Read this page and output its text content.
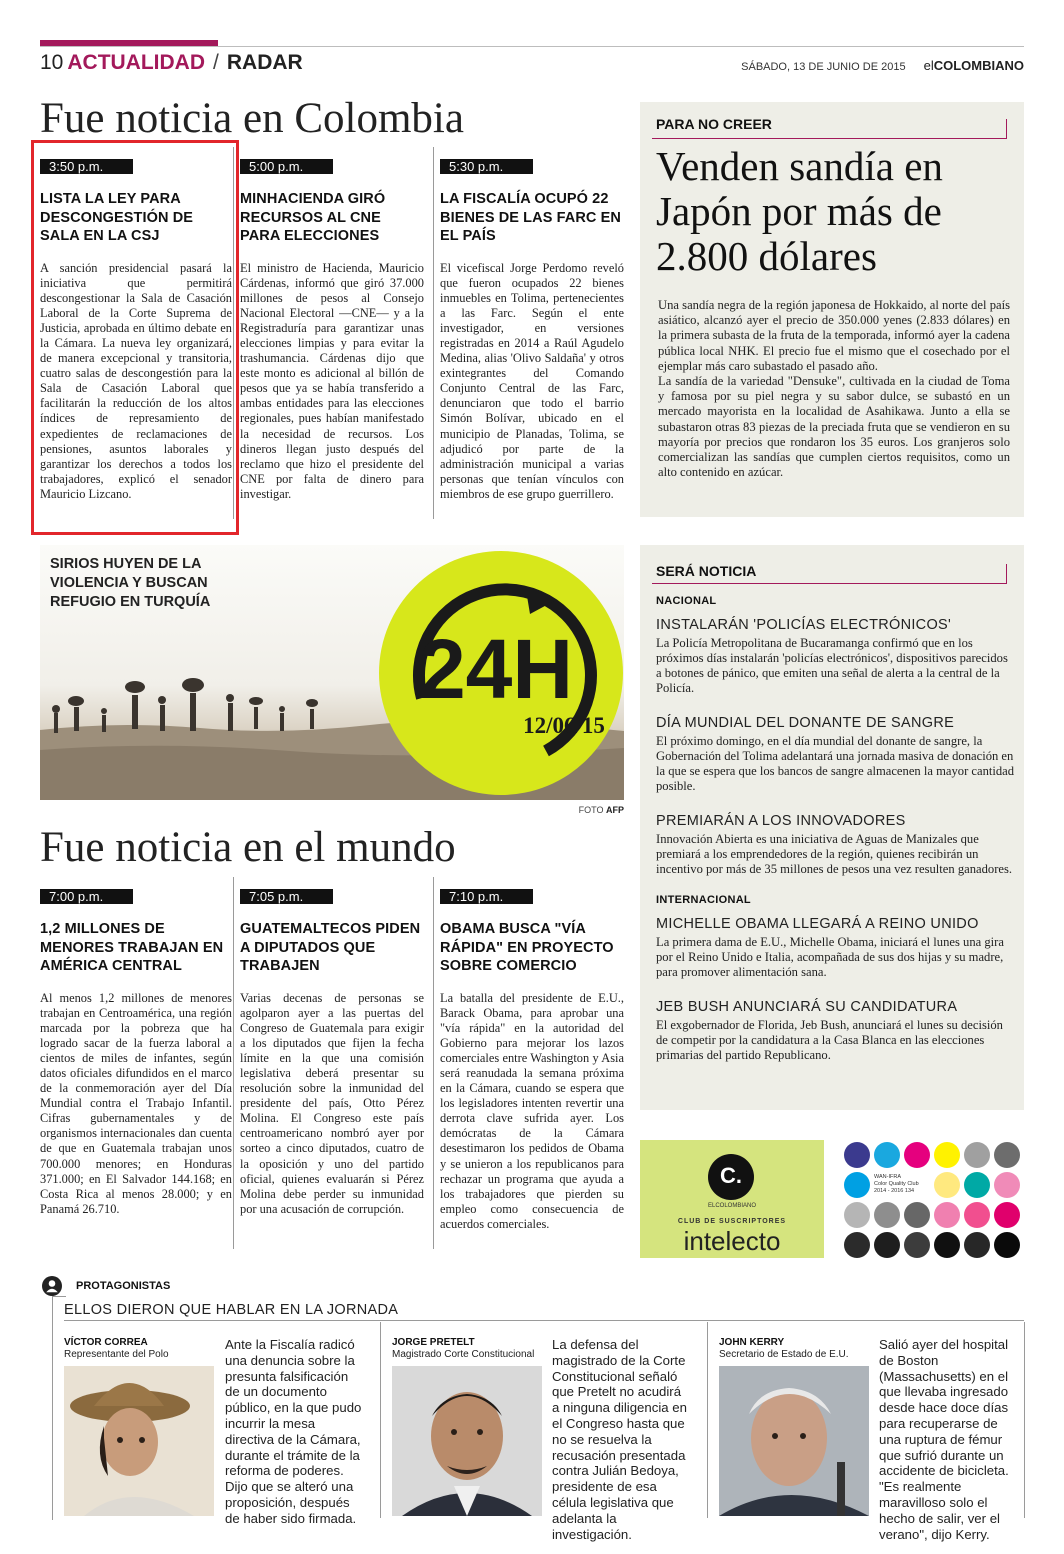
10 ACTUALIDAD / RADAR	SÁBADO, 13 DE JUNIO DE 2015 elCOLOMBIANO
Fue noticia en Colombia
3:50 p.m.
LISTA LA LEY PARA DESCONGESTIÓN DE SALA EN LA CSJ
A sanción presidencial pasará la iniciativa que permitirá descongestionar la Sala de Casación Laboral de la Corte Suprema de Justicia, aprobada en último debate en la Cámara. La nueva ley organizará, de manera excepcional y transitoria, cuatro salas de descongestión para la Sala de Casación Laboral que facilitarán la reducción de los altos índices de represamiento de expedientes de reclamaciones de pensiones, asuntos laborales y garantizar los derechos a todos los trabajadores, explicó el senador Mauricio Lizcano.
5:00 p.m.
MINHACIENDA GIRÓ RECURSOS AL CNE PARA ELECCIONES
El ministro de Hacienda, Mauricio Cárdenas, informó que giró 37.000 millones de pesos al Consejo Nacional Electoral —CNE— y a la Registraduría para garantizar unas elecciones limpias y para evitar la trashumancia. Cárdenas dijo que este monto es adicional al billón de pesos que ya se había transferido a ambas entidades para las elecciones regionales, pues habían manifestado la necesidad de recursos. Los dineros llegan justo después del reclamo que hizo el presidente del CNE por falta de dinero para investigar.
5:30 p.m.
LA FISCALÍA OCUPÓ 22 BIENES DE LAS FARC EN EL PAÍS
El vicefiscal Jorge Perdomo reveló que fueron ocupados 22 bienes inmuebles en Tolima, pertenecientes a las Farc. Según el ente investigador, en versiones registradas en 2014 a Raúl Agudelo Medina, alias 'Olivo Saldaña' y otros exintegrantes del Comando Conjunto Central de las Farc, denunciaron que todo el barrio Simón Bolívar, ubicado en el municipio de Planadas, Tolima, se adjudicó por parte de la administración municipal a varias personas que tenían vínculos con miembros de ese grupo guerrillero.
PARA NO CREER
Venden sandía en Japón por más de 2.800 dólares
Una sandía negra de la región japonesa de Hokkaido, al norte del país asiático, alcanzó ayer el precio de 350.000 yenes (2.833 dólares) en la primera subasta de la fruta de la temporada, informó ayer la cadena pública local NHK. El precio fue el mismo que el cosechado por el ejemplar más caro subastado el pasado año.
La sandía de la variedad "Densuke", cultivada en la ciudad de Toma y famosa por su piel negra y su sabor dulce, se subastó en un mercado mayorista en la localidad de Asahikawa. Junto a ella se subastaron otras 83 piezas de la preciada fruta que se vendieron en su mayoría por precios que rondaron los 35 euros. Los granjeros solo comercializan las sandías que cumplen ciertos requisitos, como un alto contenido en azúcar.
SIRIOS HUYEN DE LA
VIOLENCIA Y BUSCAN
REFUGIO EN TURQUÍA
24H
12/06/15
FOTO AFP
SERÁ NOTICIA
NACIONAL
INSTALARÁN 'POLICÍAS ELECTRÓNICOS'
La Policía Metropolitana de Bucaramanga confirmó que en los próximos días instalarán 'policías electrónicos', dispositivos parecidos a botones de pánico, que emiten una señal de alerta a la central de la Policía.
DÍA MUNDIAL DEL DONANTE DE SANGRE
El próximo domingo, en el día mundial del donante de sangre, la Gobernación del Tolima adelantará una jornada masiva de donación en la que se espera que los bancos de sangre almacenen la mayor cantidad posible.
PREMIARÁN A LOS INNOVADORES
Innovación Abierta es una iniciativa de Aguas de Manizales que premiará a los emprendedores de la región, quienes recibirán un incentivo por más de 35 millones de pesos una vez resulten ganadores.
INTERNACIONAL
MICHELLE OBAMA LLEGARÁ A REINO UNIDO
La primera dama de E.U., Michelle Obama, iniciará el lunes una gira por el Reino Unido e Italia, acompañada de sus dos hijas y su madre, para promover alimentación sana.
JEB BUSH ANUNCIARÁ SU CANDIDATURA
El exgobernador de Florida, Jeb Bush, anunciará el lunes su decisión de competir por la candidatura a la Casa Blanca en las elecciones primarias del partido Republicano.
Fue noticia en el mundo
7:00 p.m.
1,2 MILLONES DE MENORES TRABAJAN EN AMÉRICA CENTRAL
Al menos 1,2 millones de menores trabajan en Centroamérica, una región marcada por la pobreza que ha logrado sacar de la fuerza laboral a cientos de miles de infantes, según datos oficiales difundidos en el marco de la conmemoración ayer del Día Mundial contra el Trabajo Infantil. Cifras gubernamentales y de organismos internacionales dan cuenta de que en Guatemala trabajan unos 700.000 menores; en Honduras 371.000; en El Salvador 144.168; en Costa Rica al menos 28.000; y en Panamá 26.710.
7:05 p.m.
GUATEMALTECOS PIDEN A DIPUTADOS QUE TRABAJEN
Varias decenas de personas se agolparon ayer a las puertas del Congreso de Guatemala para exigir a los diputados que fijen la fecha límite en la que una comisión legislativa deberá presentar su resolución sobre la inmunidad del presidente del país, Otto Pérez Molina. El Congreso este país centroamericano nombró ayer por sorteo a cinco diputados, cuatro de la oposición y uno del partido oficial, quienes evaluarán si Pérez Molina debe perder su inmunidad por una acusación de corrupción.
7:10 p.m.
OBAMA BUSCA "VÍA RÁPIDA" EN PROYECTO SOBRE COMERCIO
La batalla del presidente de E.U., Barack Obama, para aprobar una "vía rápida" en la autoridad del Gobierno para mejorar los lazos comerciales entre Washington y Asia será reanudada la semana próxima en la Cámara, cuando se espera que los legisladores intenten revertir una derrota clave sufrida ayer. Los demócratas de la Cámara desestimaron los pedidos de Obama y se unieron a los republicanos para rechazar un programa que ayuda a los trabajadores que pierden su empleo como consecuencia de acuerdos comerciales.
C.
ELCOLOMBIANO
CLUB DE SUSCRIPTORES
intelecto
WAN-IFRA
Color Quality Club
2014 - 2016 134
PROTAGONISTAS
ELLOS DIERON QUE HABLAR EN LA JORNADA
VÍCTOR CORREA
Representante del Polo
Ante la Fiscalía radicó una denuncia sobre la presunta falsificación de un documento público, en la que pudo incurrir la mesa directiva de la Cámara, durante el trámite de la reforma de poderes. Dijo que se alteró una proposición, después de haber sido firmada.
JORGE PRETELT
Magistrado Corte Constitucional
La defensa del magistrado de la Corte Constitucional señaló que Pretelt no acudirá a ninguna diligencia en el Congreso hasta que no se resuelva la recusación presentada contra Julián Bedoya, presidente de esa célula legislativa que adelanta la investigación.
JOHN KERRY
Secretario de Estado de E.U.
Salió ayer del hospital de Boston (Massachusetts) en el que llevaba ingresado desde hace doce días para recuperarse de una ruptura de fémur que sufrió durante un accidente de bicicleta. "Es realmente maravilloso solo el hecho de salir, ver el verano", dijo Kerry.
